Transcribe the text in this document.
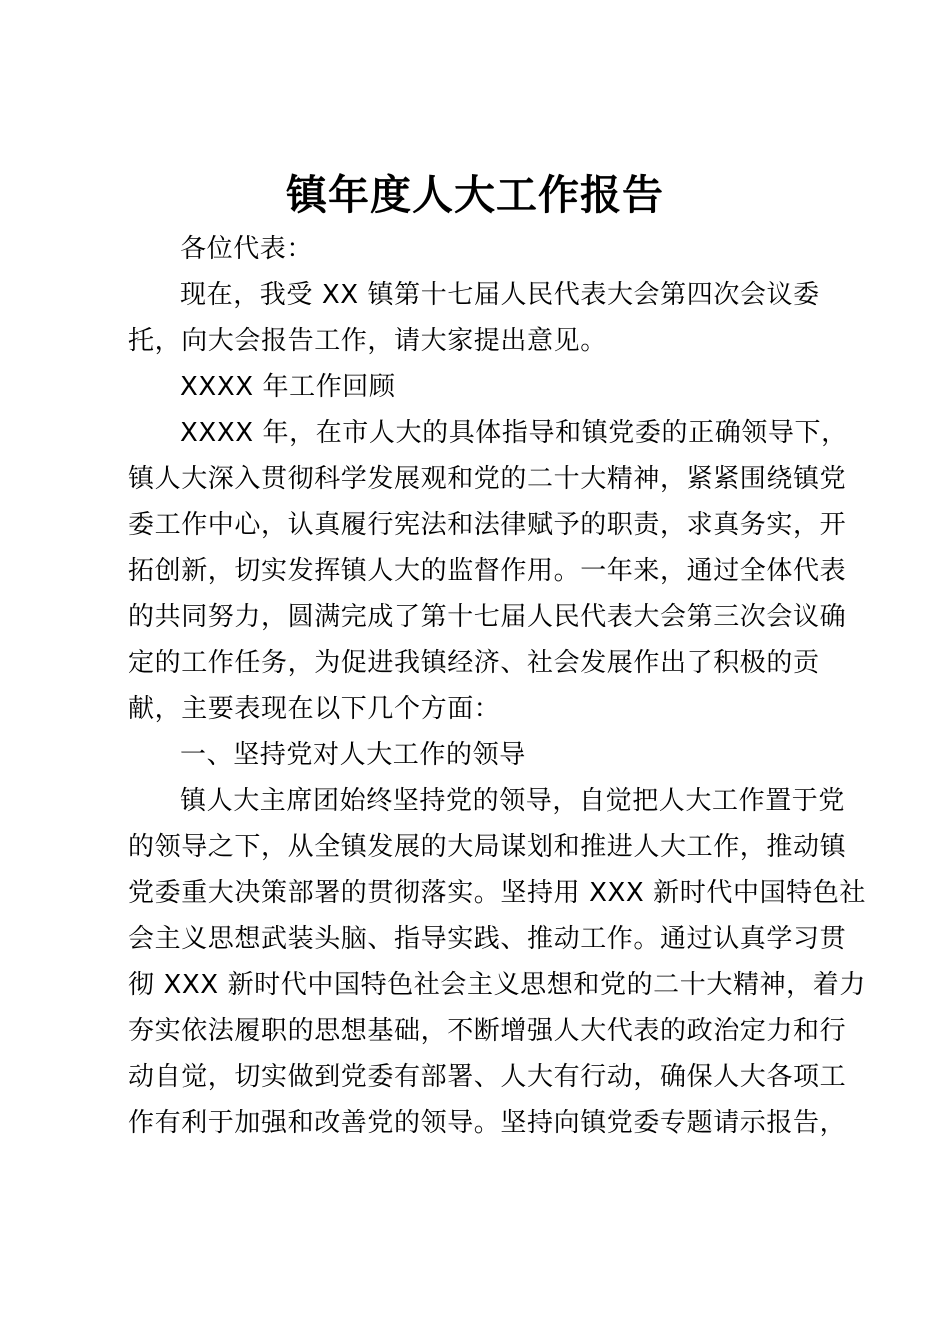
镇年度人大工作报告

各位代表：

现在，我受 XX 镇第十七届人民代表大会第四次会议委
托，向大会报告工作，请大家提出意见。

XXXX 年工作回顾

XXXX 年，在市人大的具体指导和镇党委的正确领导下，
镇人大深入贯彻科学发展观和党的二十大精神，紧紧围绕镇党
委工作中心，认真履行宪法和法律赋予的职责，求真务实，开
拓创新，切实发挥镇人大的监督作用。一年来，通过全体代表
的共同努力，圆满完成了第十七届人民代表大会第三次会议确
定的工作任务，为促进我镇经济、社会发展作出了积极的贡
献，主要表现在以下几个方面：

一、坚持党对人大工作的领导

镇人大主席团始终坚持党的领导，自觉把人大工作置于党
的领导之下，从全镇发展的大局谋划和推进人大工作，推动镇
党委重大决策部署的贯彻落实。坚持用 XXX 新时代中国特色社
会主义思想武装头脑、指导实践、推动工作。通过认真学习贯
彻 XXX 新时代中国特色社会主义思想和党的二十大精神，着力
夯实依法履职的思想基础，不断增强人大代表的政治定力和行
动自觉，切实做到党委有部署、人大有行动，确保人大各项工
作有利于加强和改善党的领导。坚持向镇党委专题请示报告，
